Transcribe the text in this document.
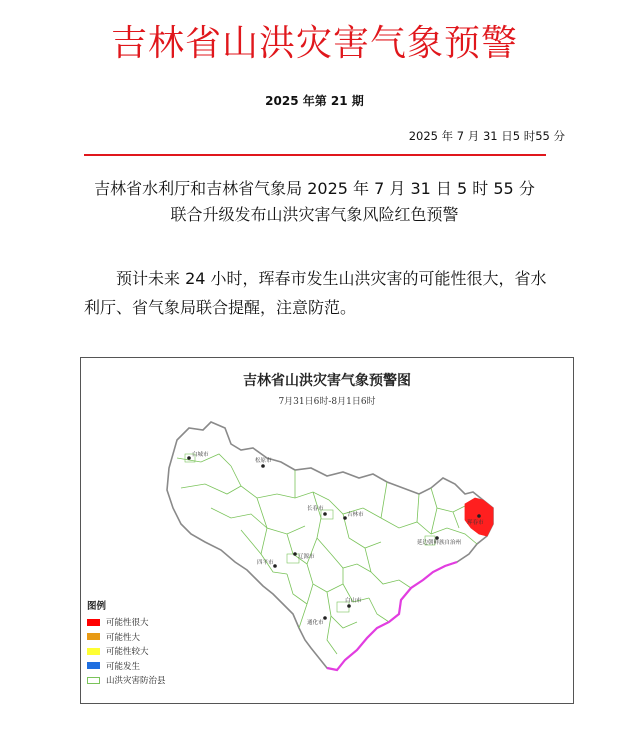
吉林省山洪灾害气象预警
2025 年第 21 期
2025 年 7 月 31 日5 时55 分
吉林省水利厅和吉林省气象局 2025 年 7 月 31 日 5 时 55 分
联合升级发布山洪灾害气象风险红色预警
预计未来 24 小时，珲春市发生山洪灾害的可能性很大，省水利厅、省气象局联合提醒，注意防范。
白城市
松原市
长春市
吉林市
四平市
辽源市
通化市
白山市
延边朝鲜族自治州
珲春市
吉林省山洪灾害气象预警图
7月31日6时-8月1日6时
图例
可能性很大
可能性大
可能性较大
可能发生
山洪灾害防治县
